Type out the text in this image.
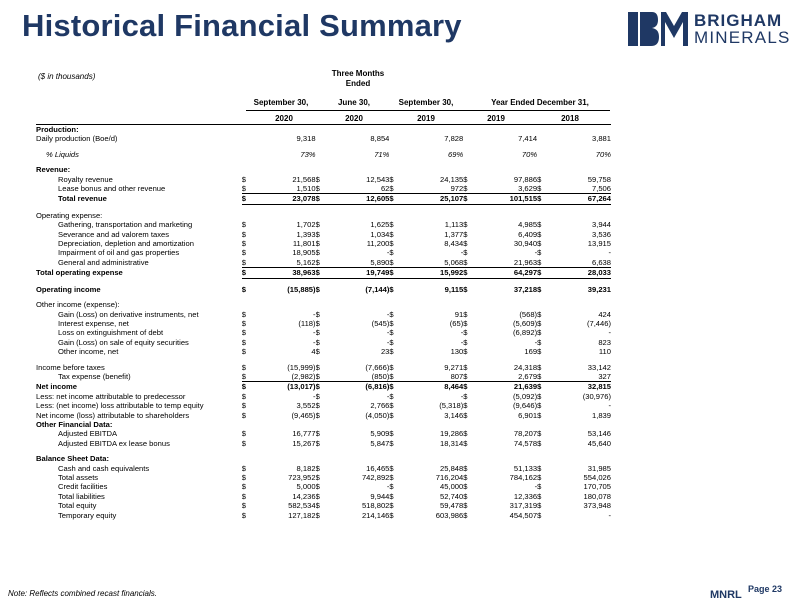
Historical Financial Summary	BRIGHAM
MINERALS
($ in thousands)	Three Months
Ended
September 30,	June 30,	September 30,	Year Ended December 31,
2020	2020	2019	2019	2018
Production:										
Daily production (Boe/d)		9,318		8,854		7,828		7,414		3,881

% Liquids		73%		71%		69%		70%		70%

Revenue:										
Royalty revenue	$	21,568	$	12,543	$	24,135	$	97,886	$	59,758
Lease bonus and other revenue	$	1,510	$	62	$	972	$	3,629	$	7,506
Total revenue	$	23,078	$	12,605	$	25,107	$	101,515	$	67,264

Operating expense:										
Gathering, transportation and marketing	$	1,702	$	1,625	$	1,113	$	4,985	$	3,944
Severance and ad valorem taxes	$	1,393	$	1,034	$	1,377	$	6,409	$	3,536
Depreciation, depletion and amortization	$	11,801	$	11,200	$	8,434	$	30,940	$	13,915
Impairment of oil and gas properties	$	18,905	$	-	$	-	$	-	$	-
General and administrative	$	5,162	$	5,890	$	5,068	$	21,963	$	6,638
Total operating expense	$	38,963	$	19,749	$	15,992	$	64,297	$	28,033

Operating income	$	(15,885)	$	(7,144)	$	9,115	$	37,218	$	39,231

Other income (expense):										
Gain (Loss) on derivative instruments, net	$	-	$	-	$	91	$	(568)	$	424
Interest expense, net	$	(118)	$	(545)	$	(65)	$	(5,609)	$	(7,446)
Loss on extinguishment of debt	$	-	$	-	$	-	$	(6,892)	$	-
Gain (Loss) on sale of equity securities	$	-	$	-	$	-	$	-	$	823
Other income, net	$	4	$	23	$	130	$	169	$	110

Income before taxes	$	(15,999)	$	(7,666)	$	9,271	$	24,318	$	33,142
Tax expense (benefit)	$	(2,982)	$	(850)	$	807	$	2,679	$	327
Net income	$	(13,017)	$	(6,816)	$	8,464	$	21,639	$	32,815
Less: net income attributable to predecessor	$	-	$	-	$	-	$	(5,092)	$	(30,976)
Less: (net income) loss attributable to temp equity	$	3,552	$	2,766	$	(5,318)	$	(9,646)	$	-
Net income (loss) attributable to shareholders	$	(9,465)	$	(4,050)	$	3,146	$	6,901	$	1,839
Other Financial Data:										
Adjusted EBITDA	$	16,777	$	5,909	$	19,286	$	78,207	$	53,146
Adjusted EBITDA ex lease bonus	$	15,267	$	5,847	$	18,314	$	74,578	$	45,640

Balance Sheet Data:										
Cash and cash equivalents	$	8,182	$	16,465	$	25,848	$	51,133	$	31,985
Total assets	$	723,952	$	742,892	$	716,204	$	784,162	$	554,026
Credit facilities	$	5,000	$	-	$	45,000	$	-	$	170,705
Total liabilities	$	14,236	$	9,944	$	52,740	$	12,336	$	180,078
Total equity	$	582,534	$	518,802	$	59,478	$	317,319	$	373,948
Temporary equity	$	127,182	$	214,146	$	603,986	$	454,507	$	-
Note: Reflects combined recast financials.	MNRL Page 23
